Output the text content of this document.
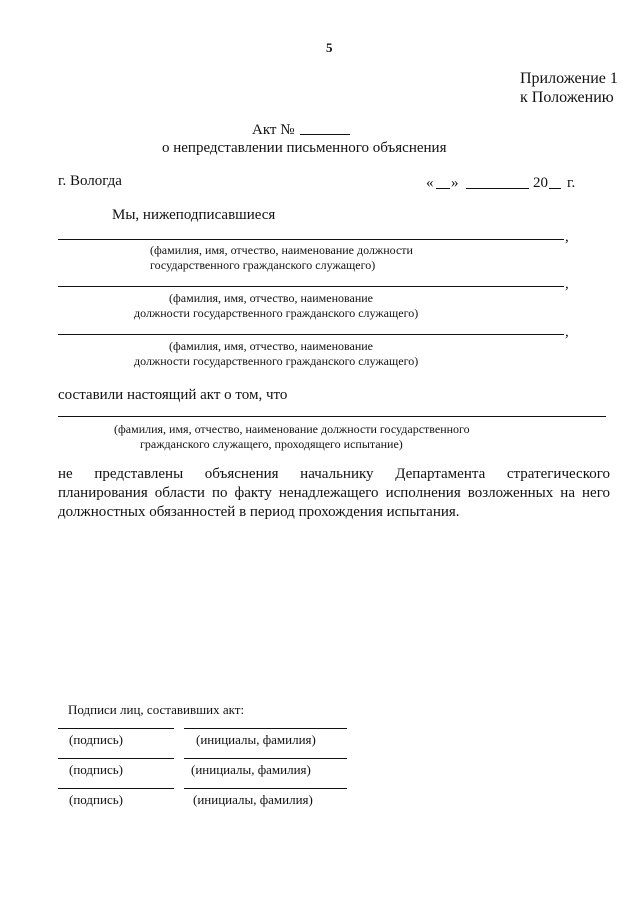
5
Приложение 1
к Положению
Акт №
о непредставлении письменного объяснения
г. Вологда	« »	20 г.
Мы, нижеподписавшиеся
,
(фамилия, имя, отчество, наименование должности
государственного гражданского служащего)
,
(фамилия, имя, отчество, наименование
должности государственного гражданского служащего)
,
(фамилия, имя, отчество, наименование
должности государственного гражданского служащего)
составили настоящий акт о том, что
(фамилия, имя, отчество, наименование должности государственного
гражданского служащего, проходящего испытание)
не представлены объяснения начальнику Департамента стратегического
планирования области по факту ненадлежащего исполнения возложенных на него
должностных обязанностей в период прохождения испытания.
Подписи лиц, составивших акт:
(подпись)	(инициалы, фамилия)
(подпись)	(инициалы, фамилия)
(подпись)	(инициалы, фамилия)
